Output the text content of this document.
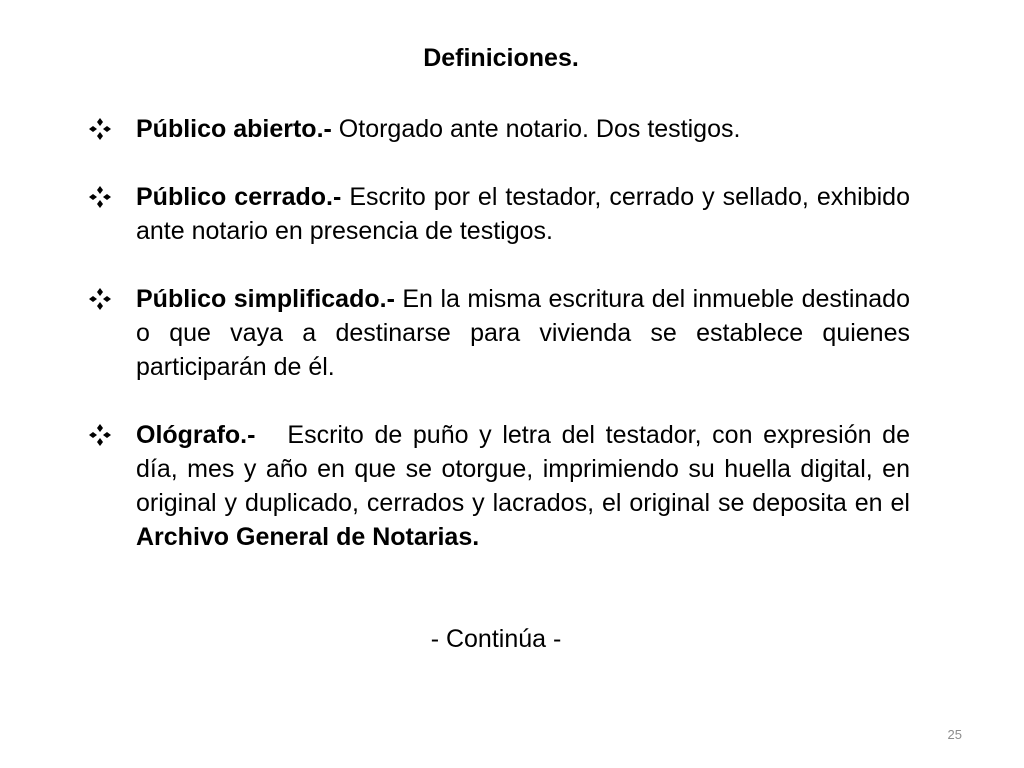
Definiciones.
Público abierto.- Otorgado ante notario. Dos testigos.
Público cerrado.- Escrito por el testador, cerrado y sellado, exhibido ante notario en presencia de testigos.
Público simplificado.- En la misma escritura del inmueble destinado o que vaya a destinarse para vivienda se establece quienes participarán de él.
Ológrafo.-   Escrito de puño y letra del testador, con expresión de día, mes y año en que se otorgue, imprimiendo su huella digital, en original y duplicado, cerrados y lacrados, el original se deposita en el Archivo General de Notarias.
- Continúa -
25
